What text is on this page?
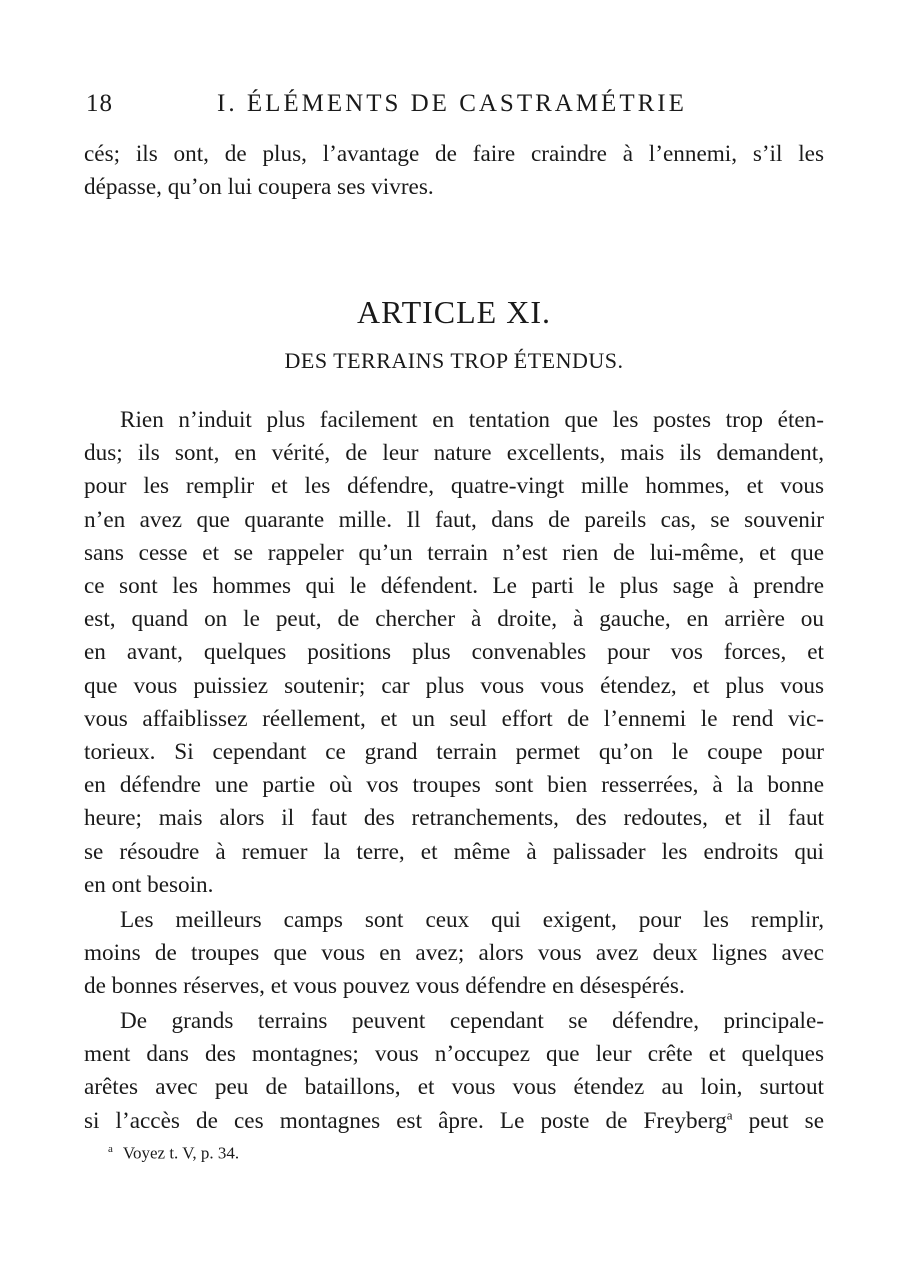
18	I. ÉLÉMENTS DE CASTRAMÉTRIE
cés; ils ont, de plus, l’avantage de faire craindre à l’ennemi, s’il les
dépasse, qu’on lui coupera ses vivres.
ARTICLE XI.
DES TERRAINS TROP ÉTENDUS.
Rien n’induit plus facilement en tentation que les postes trop éten-
dus; ils sont, en vérité, de leur nature excellents, mais ils demandent,
pour les remplir et les défendre, quatre-vingt mille hommes, et vous
n’en avez que quarante mille. Il faut, dans de pareils cas, se souvenir
sans cesse et se rappeler qu’un terrain n’est rien de lui-même, et que
ce sont les hommes qui le défendent. Le parti le plus sage à prendre
est, quand on le peut, de chercher à droite, à gauche, en arrière ou
en avant, quelques positions plus convenables pour vos forces, et
que vous puissiez soutenir; car plus vous vous étendez, et plus vous
vous affaiblissez réellement, et un seul effort de l’ennemi le rend vic-
torieux. Si cependant ce grand terrain permet qu’on le coupe pour
en défendre une partie où vos troupes sont bien resserrées, à la bonne
heure; mais alors il faut des retranchements, des redoutes, et il faut
se résoudre à remuer la terre, et même à palissader les endroits qui
en ont besoin.
Les meilleurs camps sont ceux qui exigent, pour les remplir,
moins de troupes que vous en avez; alors vous avez deux lignes avec
de bonnes réserves, et vous pouvez vous défendre en désespérés.
De grands terrains peuvent cependant se défendre, principale-
ment dans des montagnes; vous n’occupez que leur crête et quelques
arêtes avec peu de bataillons, et vous vous étendez au loin, surtout
si l’accès de ces montagnes est âpre. Le poste de Freyberg$^a$ peut se
$^a$ Voyez t. V, p. 34.
